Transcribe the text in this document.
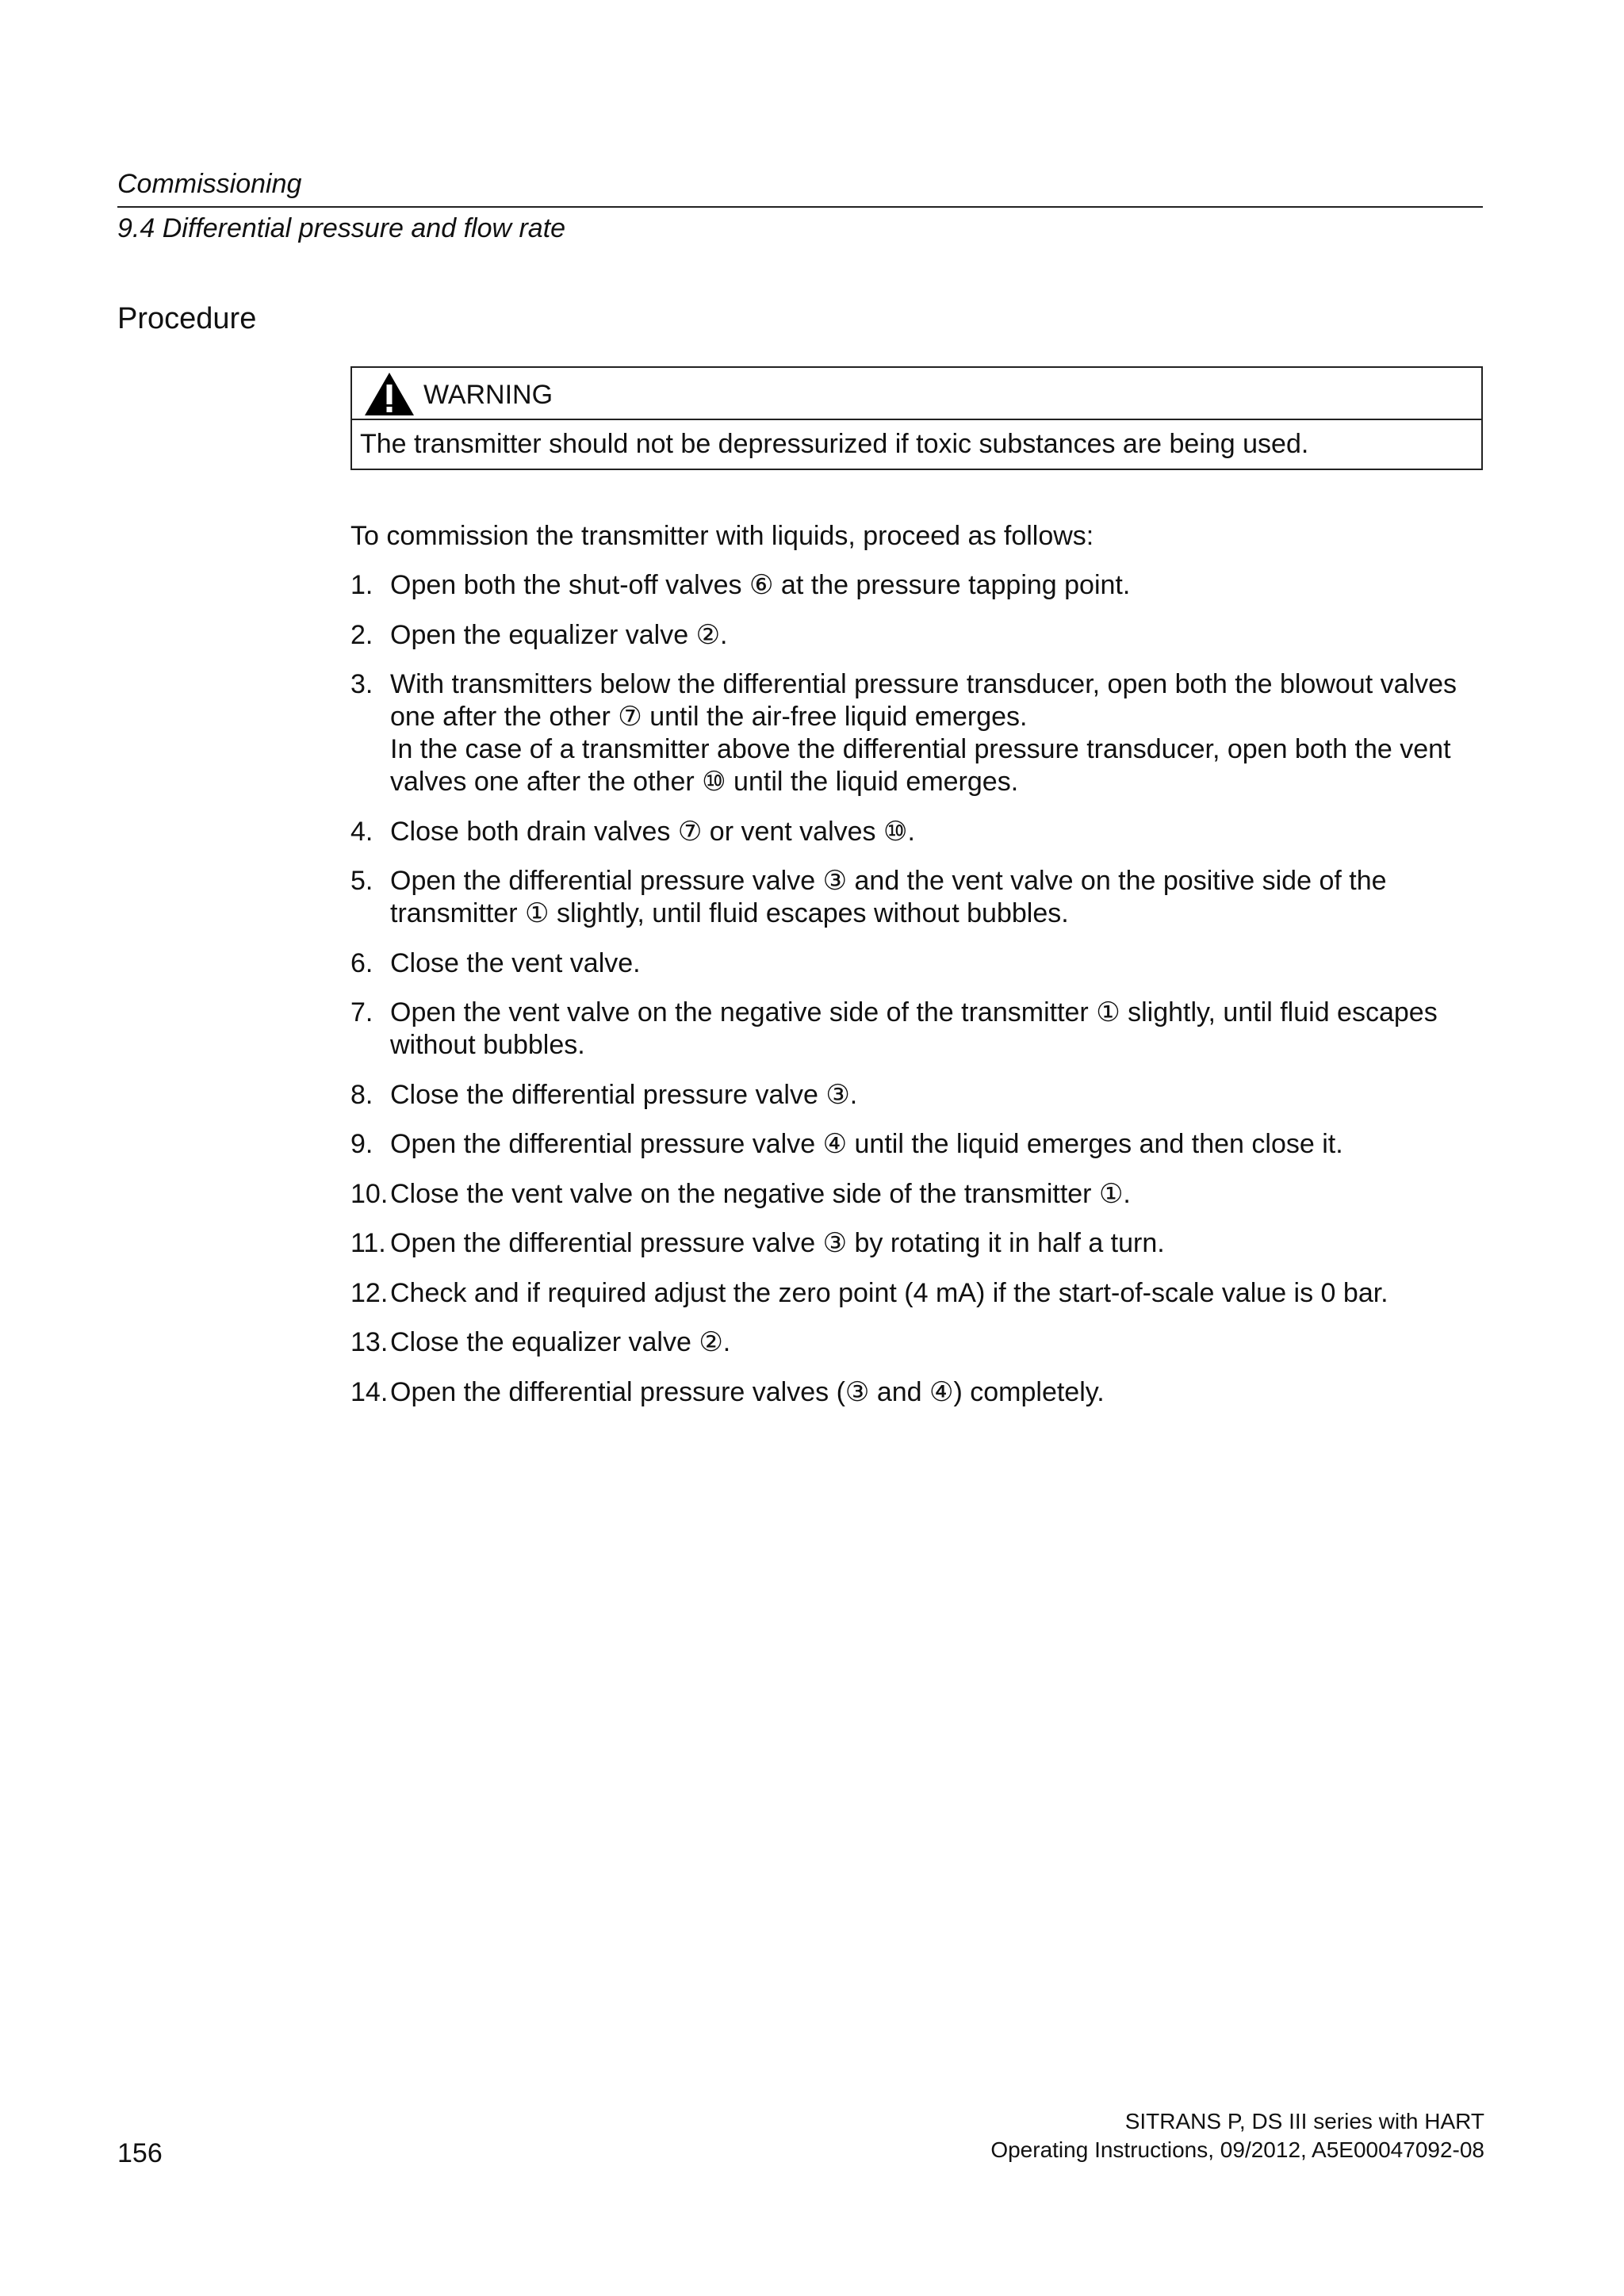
Commissioning
9.4 Differential pressure and flow rate
Procedure
WARNING
The transmitter should not be depressurized if toxic substances are being used.
To commission the transmitter with liquids, proceed as follows:
1. Open both the shut-off valves ⑥ at the pressure tapping point.
2. Open the equalizer valve ②.
3. With transmitters below the differential pressure transducer, open both the blowout valves one after the other ⑦ until the air-free liquid emerges.
In the case of a transmitter above the differential pressure transducer, open both the vent valves one after the other ⑩ until the liquid emerges.
4. Close both drain valves ⑦ or vent valves ⑩.
5. Open the differential pressure valve ③ and the vent valve on the positive side of the transmitter ① slightly, until fluid escapes without bubbles.
6. Close the vent valve.
7. Open the vent valve on the negative side of the transmitter ① slightly, until fluid escapes without bubbles.
8. Close the differential pressure valve ③.
9. Open the differential pressure valve ④ until the liquid emerges and then close it.
10. Close the vent valve on the negative side of the transmitter ①.
11. Open the differential pressure valve ③ by rotating it in half a turn.
12. Check and if required adjust the zero point (4 mA) if the start-of-scale value is 0 bar.
13. Close the equalizer valve ②.
14. Open the differential pressure valves (③ and ④) completely.
156
SITRANS P, DS III series with HART
Operating Instructions, 09/2012, A5E00047092-08
